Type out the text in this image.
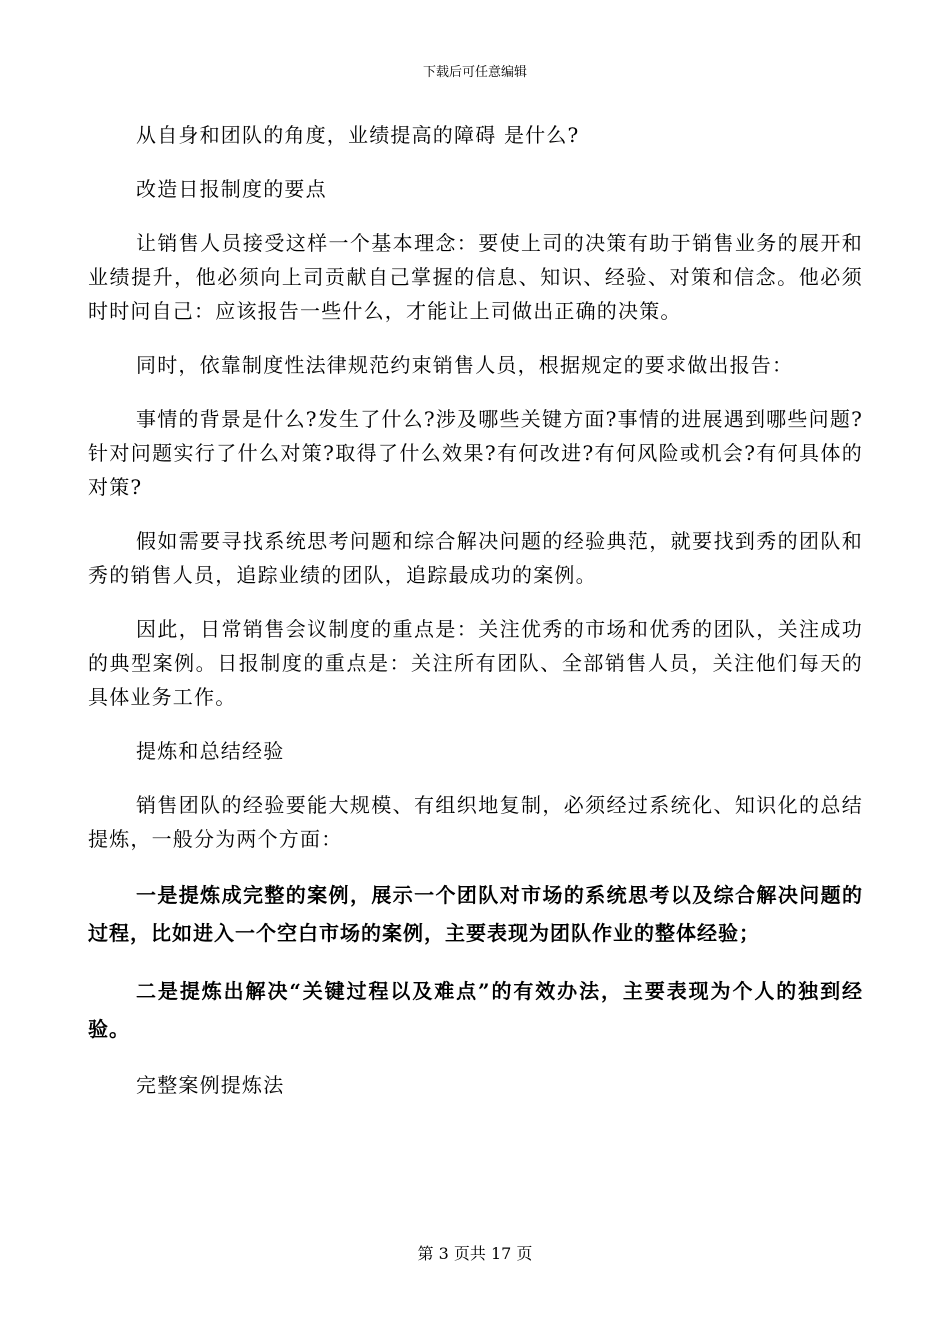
下载后可任意编辑

从自身和团队的角度，业绩提高的障碍 是什么?

改造日报制度的要点

让销售人员接受这样一个基本理念：要使上司的决策有助于销售业务的展开和业绩提升，他必须向上司贡献自己掌握的信息、知识、经验、对策和信念。他必须时时问自己：应该报告一些什么，才能让上司做出正确的决策。

同时，依靠制度性法律规范约束销售人员，根据规定的要求做出报告：

事情的背景是什么?发生了什么?涉及哪些关键方面?事情的进展遇到哪些问题?针对问题实行了什么对策?取得了什么效果?有何改进?有何风险或机会?有何具体的对策?

假如需要寻找系统思考问题和综合解决问题的经验典范，就要找到秀的团队和秀的销售人员，追踪业绩的团队，追踪最成功的案例。

因此，日常销售会议制度的重点是：关注优秀的市场和优秀的团队，关注成功的典型案例。日报制度的重点是：关注所有团队、全部销售人员，关注他们每天的具体业务工作。

提炼和总结经验

销售团队的经验要能大规模、有组织地复制，必须经过系统化、知识化的总结提炼，一般分为两个方面：

一是提炼成完整的案例，展示一个团队对市场的系统思考以及综合解决问题的过程，比如进入一个空白市场的案例，主要表现为团队作业的整体经验；

二是提炼出解决“关键过程以及难点”的有效办法，主要表现为个人的独到经验。

完整案例提炼法

第 3 页共 17 页
